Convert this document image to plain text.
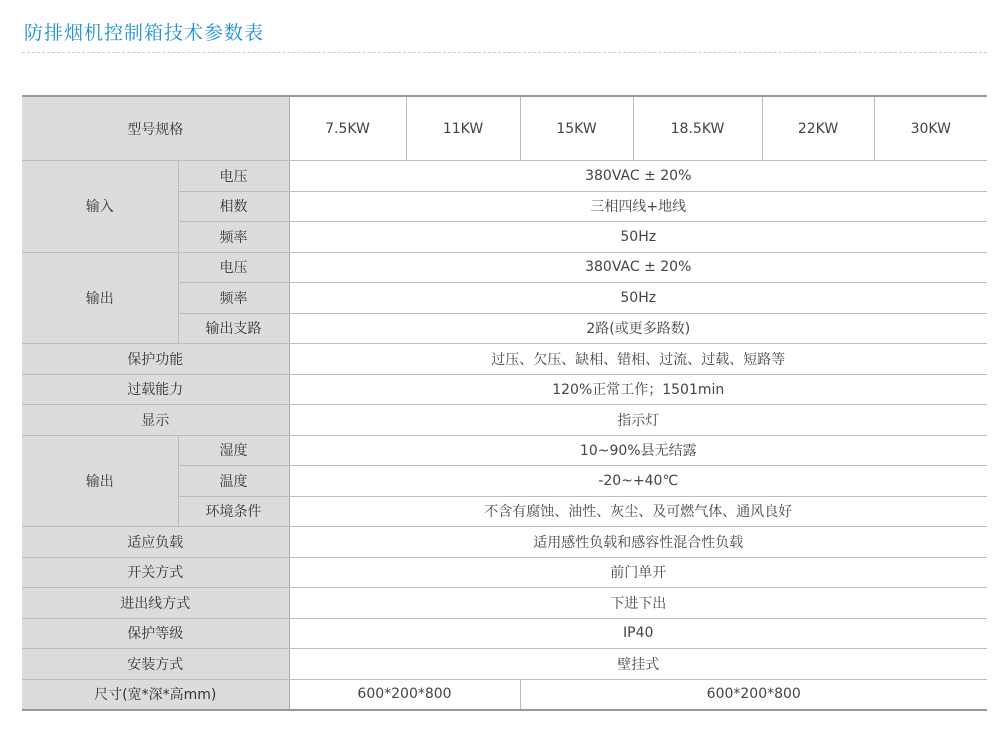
防排烟机控制箱技术参数表
型号规格		7.5KW	11KW	15KW	18.5KW	22KW	30KW
输入	电压	380VAC ± 20%					
	相数	三相四线+地线					
	频率	50Hz					
输出	电压	380VAC ± 20%					
	频率	50Hz					
	输出支路	2路(或更多路数)					
保护功能		过压、欠压、缺相、错相、过流、过载、短路等					
过载能力		120%正常工作；1501min					
显示		指示灯					
输出	湿度	10~90%县无结露					
	温度	-20~+40℃					
	环境条件	不含有腐蚀、油性、灰尘、及可燃气体、通风良好					
适应负载		适用感性负载和感容性混合性负载					
开关方式		前门单开					
进出线方式		下进下出					
保护等级		IP40					
安装方式		壁挂式					
尺寸(宽*深*高mm)		600*200*800		600*200*800			
